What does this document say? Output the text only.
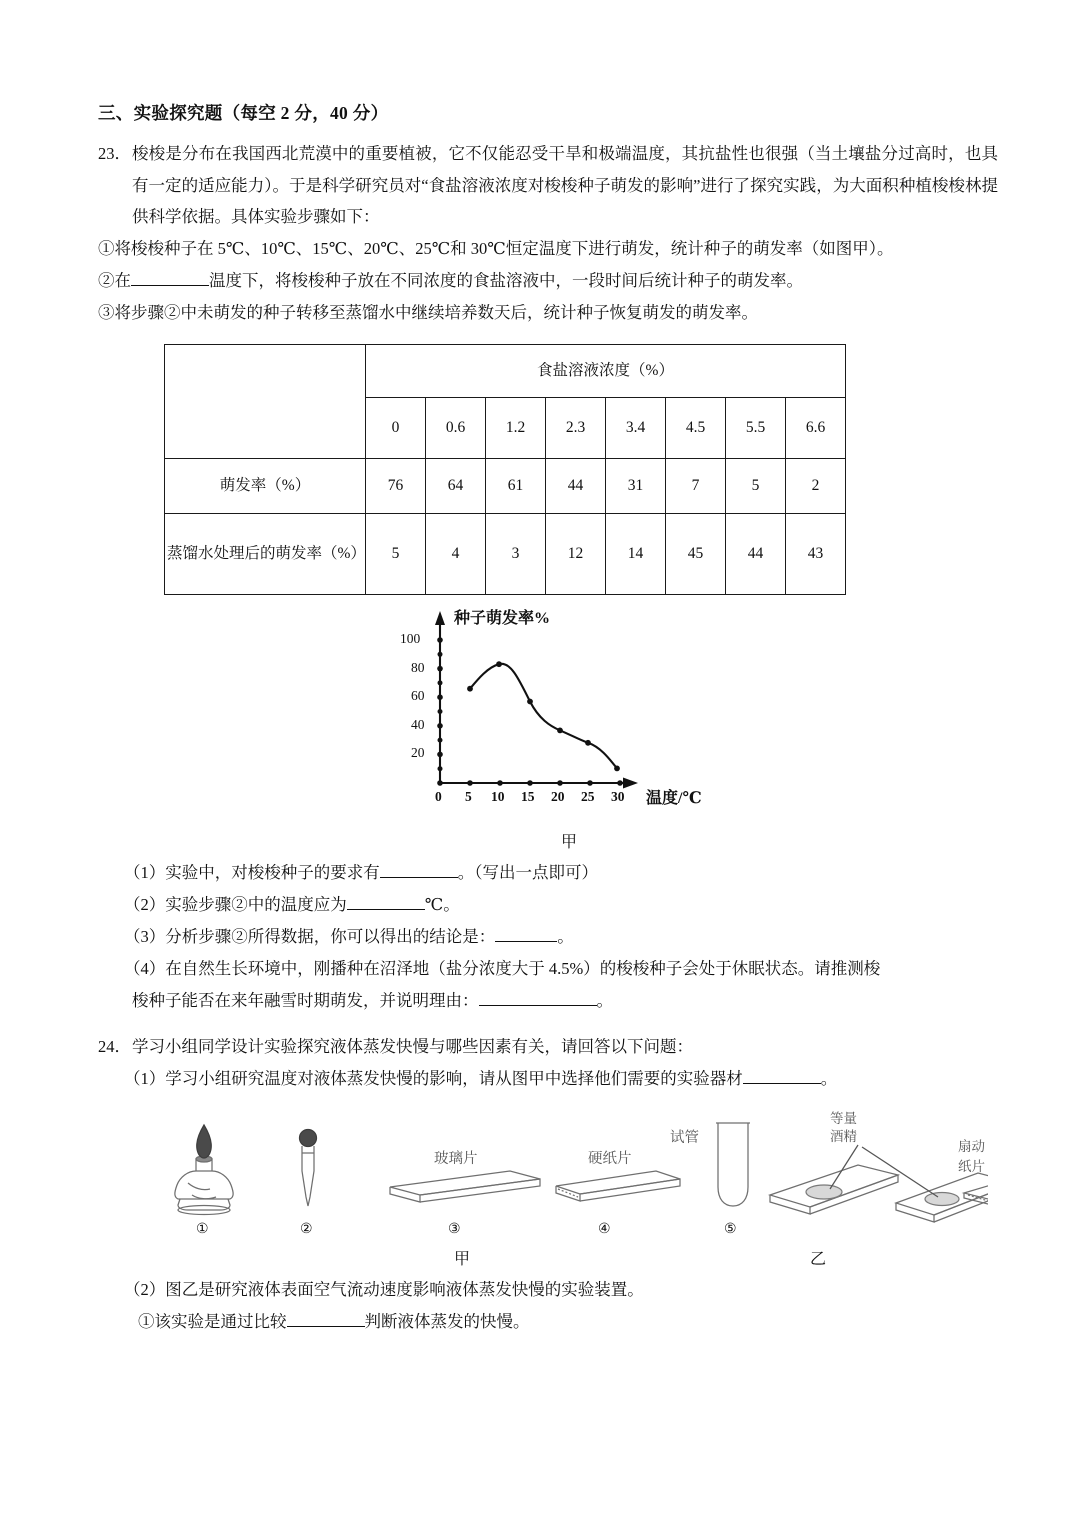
三、实验探究题（每空 2 分，40 分）
23． 梭梭是分布在我国西北荒漠中的重要植被，它不仅能忍受干旱和极端温度，其抗盐性也很强（当土壤盐分过高时，也具有一定的适应能力）。于是科学研究员对“食盐溶液浓度对梭梭种子萌发的影响”进行了探究实践，为大面积种植梭梭林提供科学依据。具体实验步骤如下：
①将梭梭种子在 5℃、10℃、15℃、20℃、25℃和 30℃恒定温度下进行萌发，统计种子的萌发率（如图甲）。
②在	温度下，将梭梭种子放在不同浓度的食盐溶液中，一段时间后统计种子的萌发率。
③将步骤②中未萌发的种子转移至蒸馏水中继续培养数天后，统计种子恢复萌发的萌发率。
	食盐溶液浓度（%）							
	0	0.6	1.2	2.3	3.4	4.5	5.5	6.6
萌发率（%）	76	64	61	44	31	7	5	2
蒸馏水处理后的萌发率（%）	5	4	3	12	14	45	44	43
种子萌发率%
100
80
60
40
20
0 5 10 15 20 25 30 温度/℃
甲
（1）实验中，对梭梭种子的要求有	。（写出一点即可）
（2）实验步骤②中的温度应为	℃。
（3）分析步骤②所得数据，你可以得出的结论是：	。
（4）在自然生长环境中，刚播种在沼泽地（盐分浓度大于 4.5%）的梭梭种子会处于休眠状态。请推测梭
梭种子能否在来年融雪时期萌发，并说明理由：	。
24． 学习小组同学设计实验探究液体蒸发快慢与哪些因素有关，请回答以下问题：
（1）学习小组研究温度对液体蒸发快慢的影响，请从图甲中选择他们需要的实验器材	。
①	②	③	④	⑤
玻璃片	硬纸片
试管
等量
酒精
扇动纸片
甲	乙
（2）图乙是研究液体表面空气流动速度影响液体蒸发快慢的实验装置。
①该实验是通过比较	判断液体蒸发的快慢。
